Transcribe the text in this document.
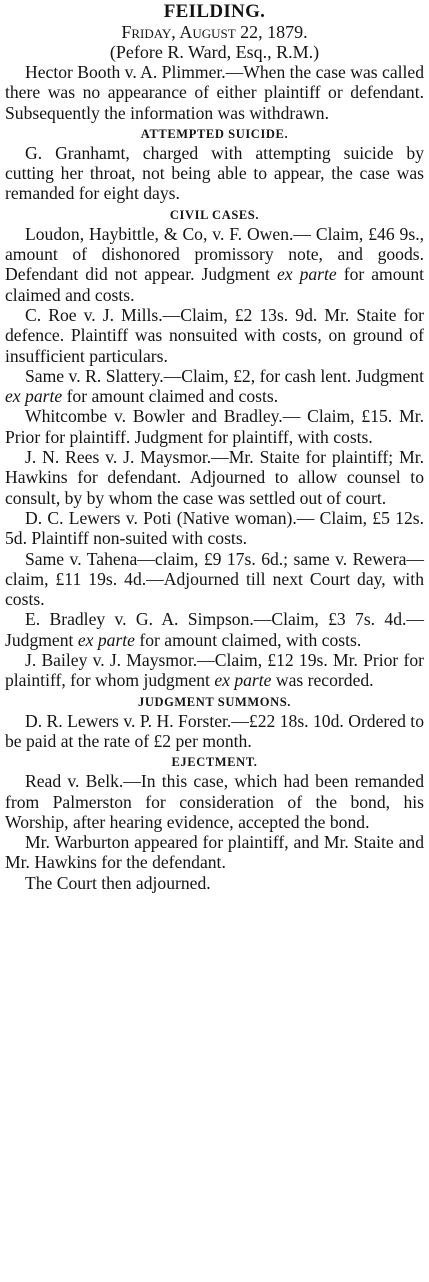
FEILDING.
Friday, August 22, 1879.
(Pefore R. Ward, Esq., R.M.)

Hector Booth v. A. Plimmer.—When the case was called there was no appearance of either plaintiff or defendant. Subsequently the information was withdrawn.

ATTEMPTED SUICIDE.

G. Granhamt, charged with attempting suicide by cutting her throat, not being able to appear, the case was remanded for eight days.

CIVIL CASES.

Loudon, Haybittle, & Co, v. F. Owen.— Claim, £46 9s., amount of dishonored promissory note, and goods. Defendant did not appear. Judgment ex parte for amount claimed and costs.

C. Roe v. J. Mills.—Claim, £2 13s. 9d. Mr. Staite for defence. Plaintiff was nonsuited with costs, on ground of insufficient particulars.

Same v. R. Slattery.—Claim, £2, for cash lent. Judgment ex parte for amount claimed and costs.

Whitcombe v. Bowler and Bradley.— Claim, £15. Mr. Prior for plaintiff. Judgment for plaintiff, with costs.

J. N. Rees v. J. Maysmor.—Mr. Staite for plaintiff; Mr. Hawkins for defendant. Adjourned to allow counsel to consult, by by whom the case was settled out of court.

D. C. Lewers v. Poti (Native woman).— Claim, £5 12s. 5d. Plaintiff non-suited with costs.

Same v. Tahena—claim, £9 17s. 6d.; same v. Rewera—claim, £11 19s. 4d.—Adjourned till next Court day, with costs.

E. Bradley v. G. A. Simpson.—Claim, £3 7s. 4d.—Judgment ex parte for amount claimed, with costs.

J. Bailey v. J. Maysmor.—Claim, £12 19s. Mr. Prior for plaintiff, for whom judgment ex parte was recorded.

JUDGMENT SUMMONS.

D. R. Lewers v. P. H. Forster.—£22 18s. 10d. Ordered to be paid at the rate of £2 per month.

EJECTMENT.

Read v. Belk.—In this case, which had been remanded from Palmerston for consideration of the bond, his Worship, after hearing evidence, accepted the bond.

Mr. Warburton appeared for plaintiff, and Mr. Staite and Mr. Hawkins for the defendant.

The Court then adjourned.
